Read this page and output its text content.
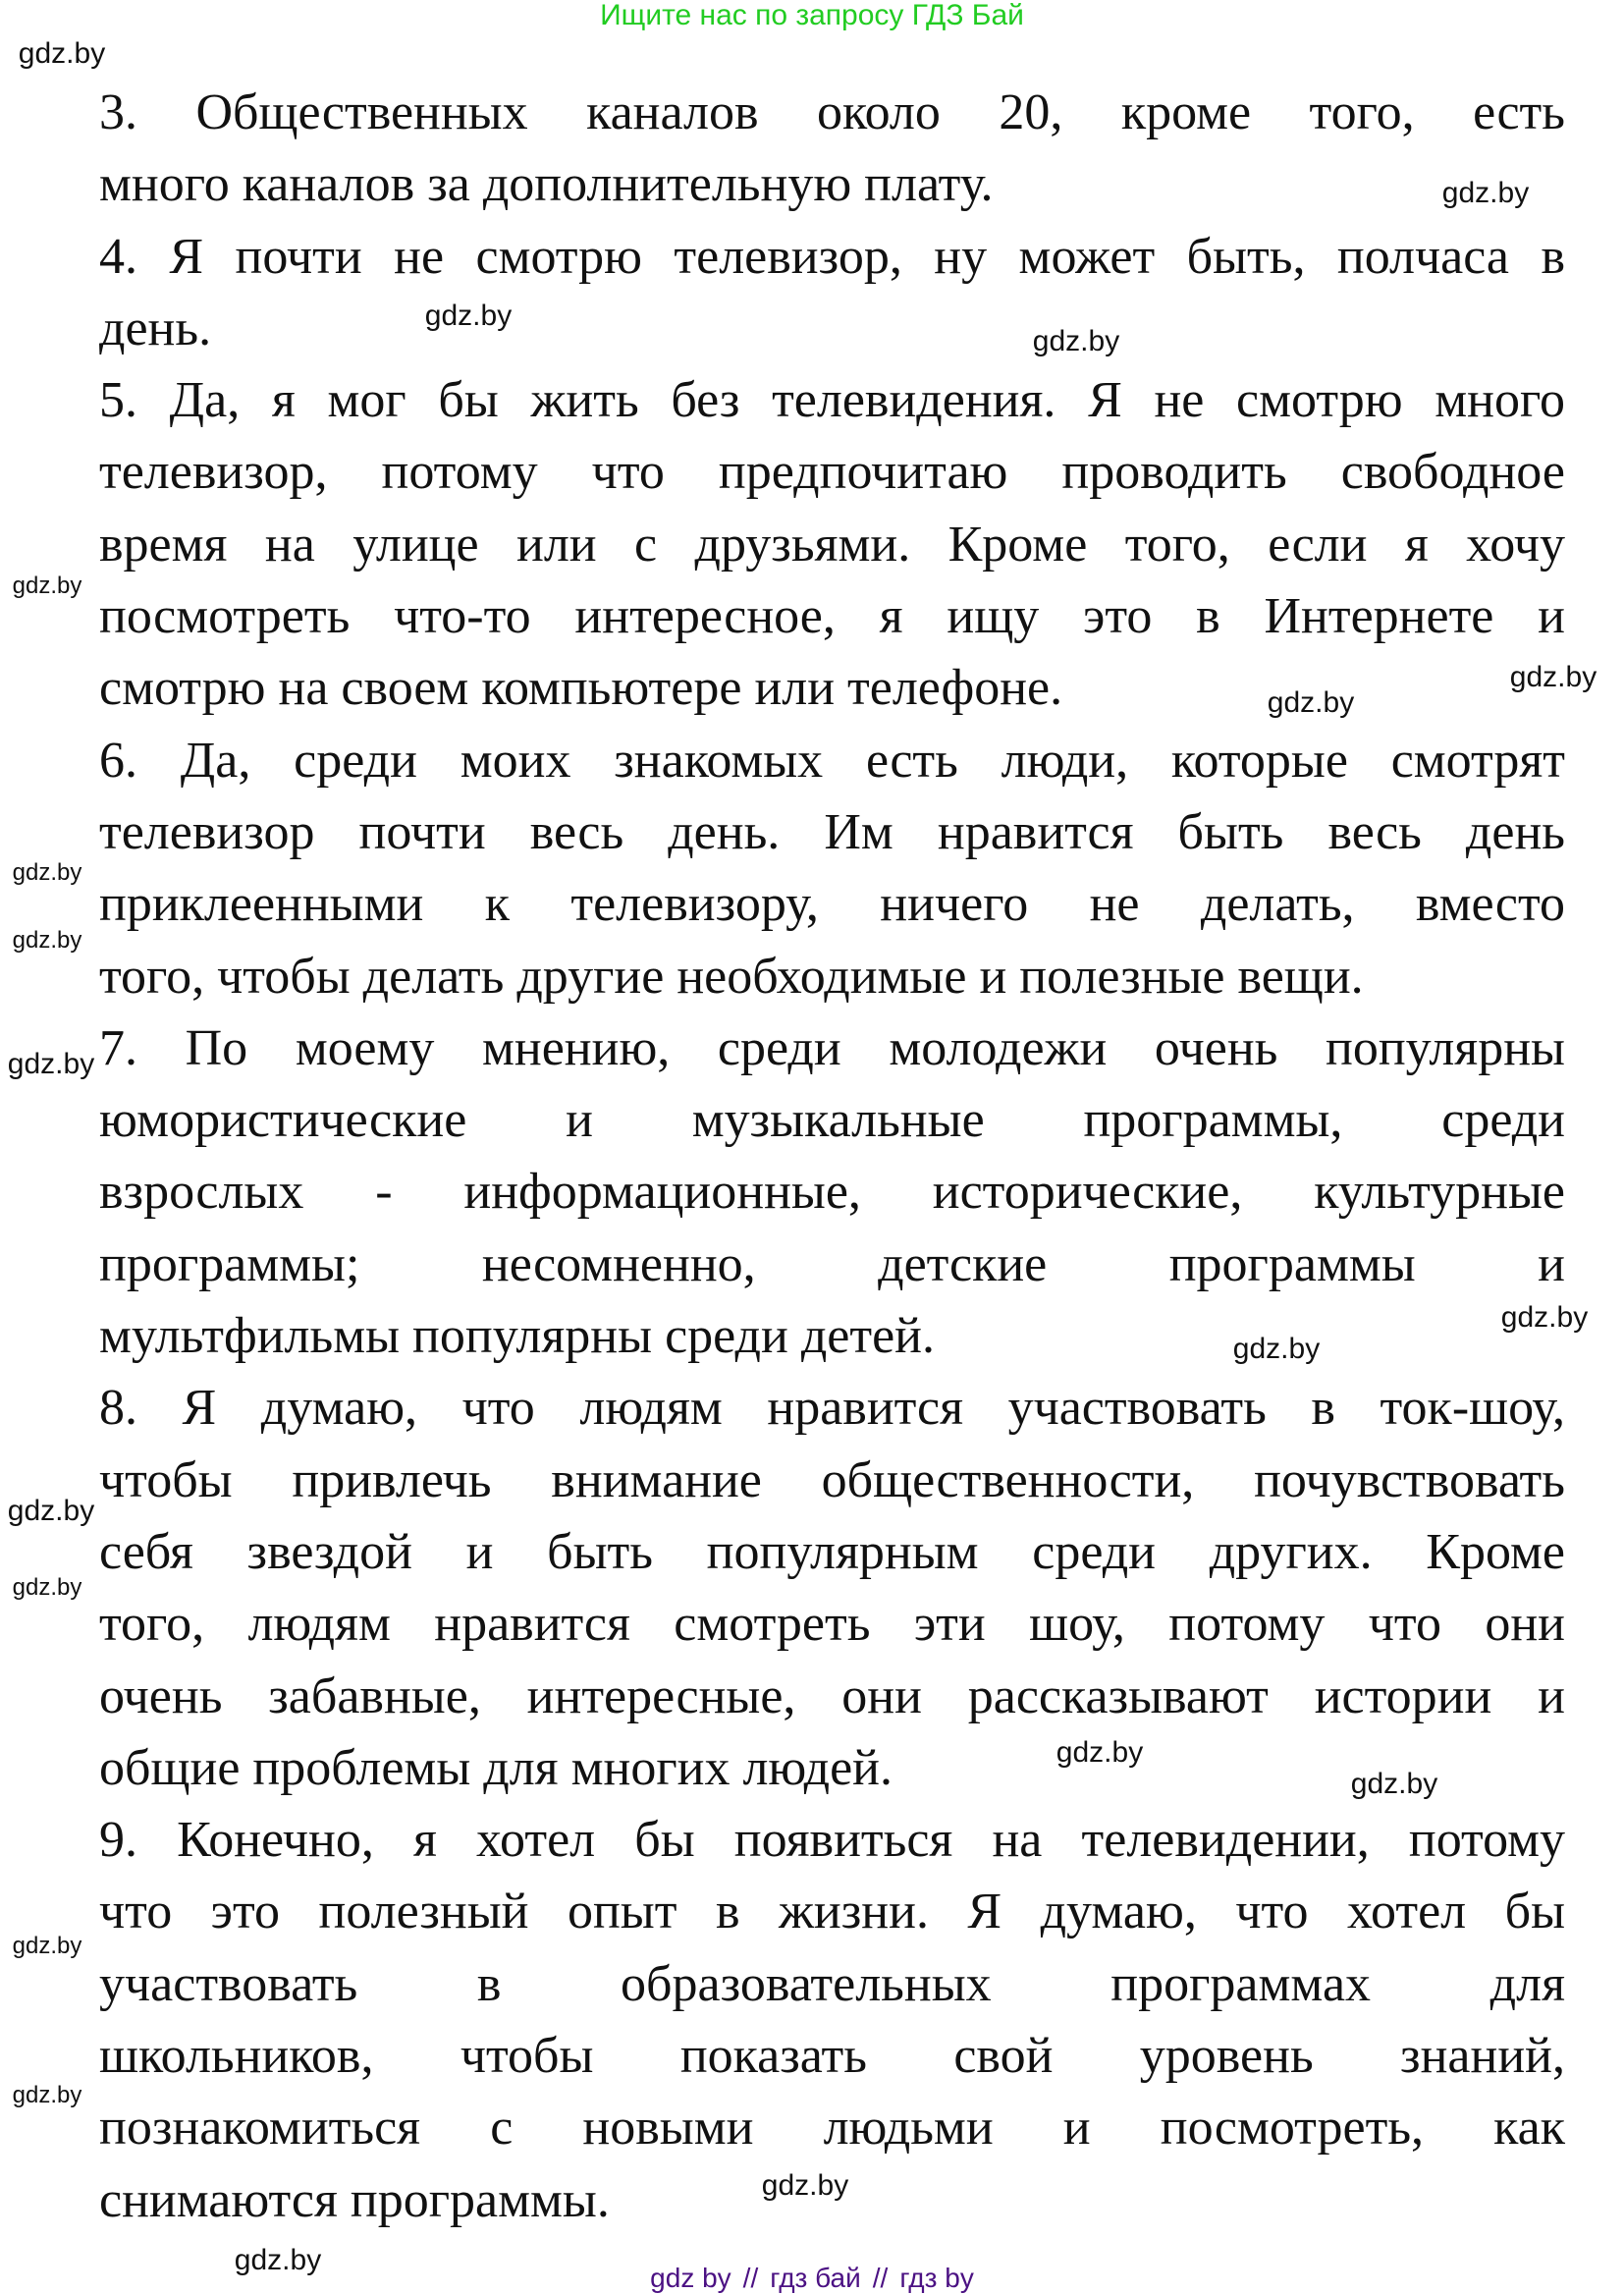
Ищите нас по запросу ГДЗ Бай
3. Общественных каналов около 20, кроме того, есть
много каналов за дополнительную плату.
4. Я почти не смотрю телевизор, ну может быть, полчаса в
день.
5. Да, я мог бы жить без телевидения. Я не смотрю много
телевизор, потому что предпочитаю проводить свободное
время на улице или с друзьями. Кроме того, если я хочу
посмотреть что-то интересное, я ищу это в Интернете и
смотрю на своем компьютере или телефоне.
6. Да, среди моих знакомых есть люди, которые смотрят
телевизор почти весь день. Им нравится быть весь день
приклеенными к телевизору, ничего не делать, вместо
того, чтобы делать другие необходимые и полезные вещи.
7. По моему мнению, среди молодежи очень популярны
юмористические и музыкальные программы, среди
взрослых - информационные, исторические, культурные
программы; несомненно, детские программы и
мультфильмы популярны среди детей.
8. Я думаю, что людям нравится участвовать в ток-шоу,
чтобы привлечь внимание общественности, почувствовать
себя звездой и быть популярным среди других. Кроме
того, людям нравится смотреть эти шоу, потому что они
очень забавные, интересные, они рассказывают истории и
общие проблемы для многих людей.
9. Конечно, я хотел бы появиться на телевидении, потому
что это полезный опыт в жизни. Я думаю, что хотел бы
участвовать в образовательных программах для
школьников, чтобы показать свой уровень знаний,
познакомиться с новыми людьми и посмотреть, как
снимаются программы.
gdz.by
gdz.by
gdz.by
gdz.by
gdz.by
gdz.by
gdz.by
gdz.by
gdz.by
gdz.by
gdz.by
gdz.by
gdz.by
gdz.by
gdz.by
gdz.by
gdz.by
gdz.by
gdz.by
gdz.by
gdz by // гдз бай // гдз by
